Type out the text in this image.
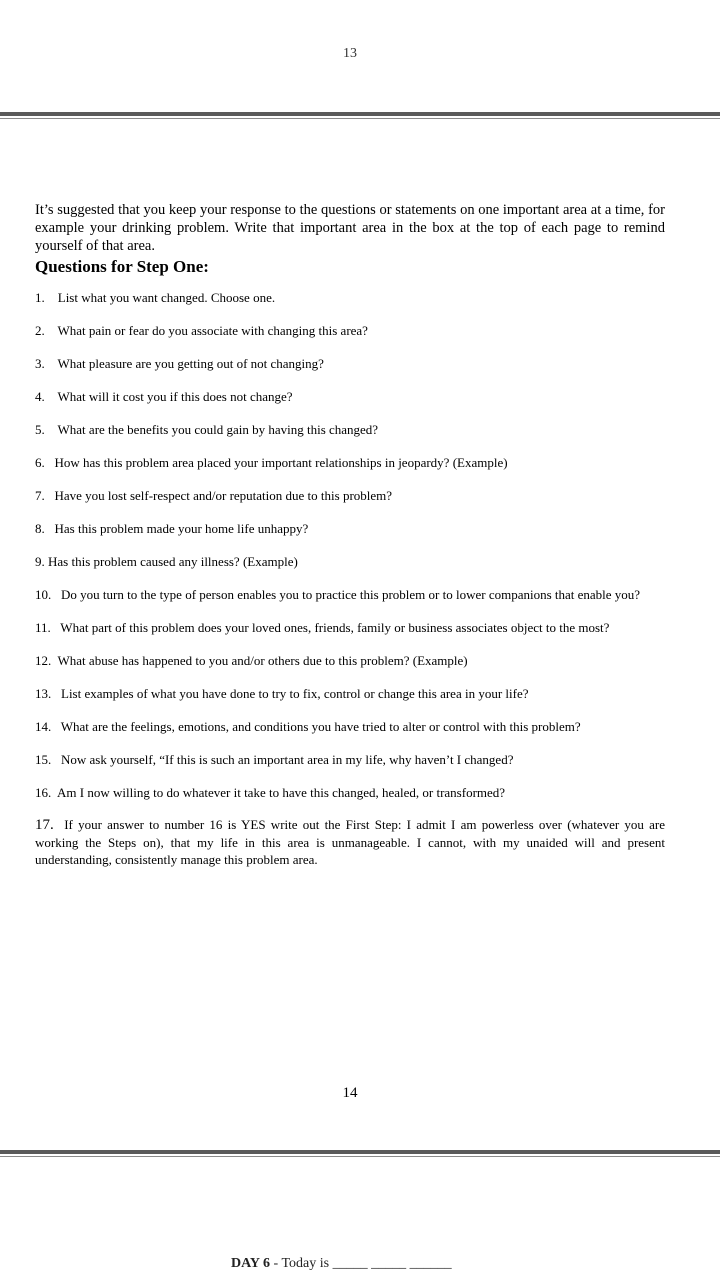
13

It’s suggested that you keep your response to the questions or statements on one important area at a time, for example your drinking problem. Write that important area in the box at the top of each page to remind yourself of that area.

Questions for Step One:
1. List what you want changed. Choose one.
2. What pain or fear do you associate with changing this area?
3. What pleasure are you getting out of not changing?
4. What will it cost you if this does not change?
5. What are the benefits you could gain by having this changed?
6. How has this problem area placed your important relationships in jeopardy? (Example)
7. Have you lost self-respect and/or reputation due to this problem?
8. Has this problem made your home life unhappy?
9. Has this problem caused any illness? (Example)
10. Do you turn to the type of person enables you to practice this problem or to lower companions that enable you?
11. What part of this problem does your loved ones, friends, family or business associates object to the most?
12. What abuse has happened to you and/or others due to this problem? (Example)
13. List examples of what you have done to try to fix, control or change this area in your life?
14. What are the feelings, emotions, and conditions you have tried to alter or control with this problem?
15. Now ask yourself, “If this is such an important area in my life, why haven’t I changed?
16. Am I now willing to do whatever it take to have this changed, healed, or transformed?
17. If your answer to number 16 is YES write out the First Step: I admit I am powerless over (whatever you are working the Steps on), that my life in this area is unmanageable. I cannot, with my unaided will and present understanding, consistently manage this problem area.
14
DAY 6 - Today is _____ _____ ______
